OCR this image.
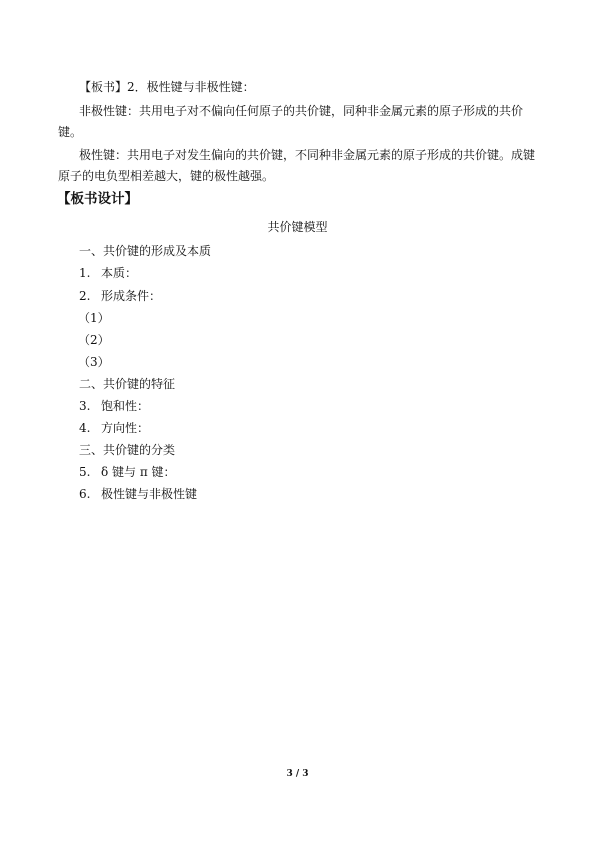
【板书】2．极性键与非极性键：
非极性键：共用电子对不偏向任何原子的共价键，同种非金属元素的原子形成的共价
键。
极性键：共用电子对发生偏向的共价键，不同种非金属元素的原子形成的共价键。成键
原子的电负型相差越大，键的极性越强。
【板书设计】
共价键模型
一、共价键的形成及本质
1. 本质：
2. 形成条件：
（1）
（2）
（3）
二、共价键的特征
3. 饱和性：
4. 方向性：
三、共价键的分类
5. δ 键与 π 键：
6. 极性键与非极性键
3 / 3
